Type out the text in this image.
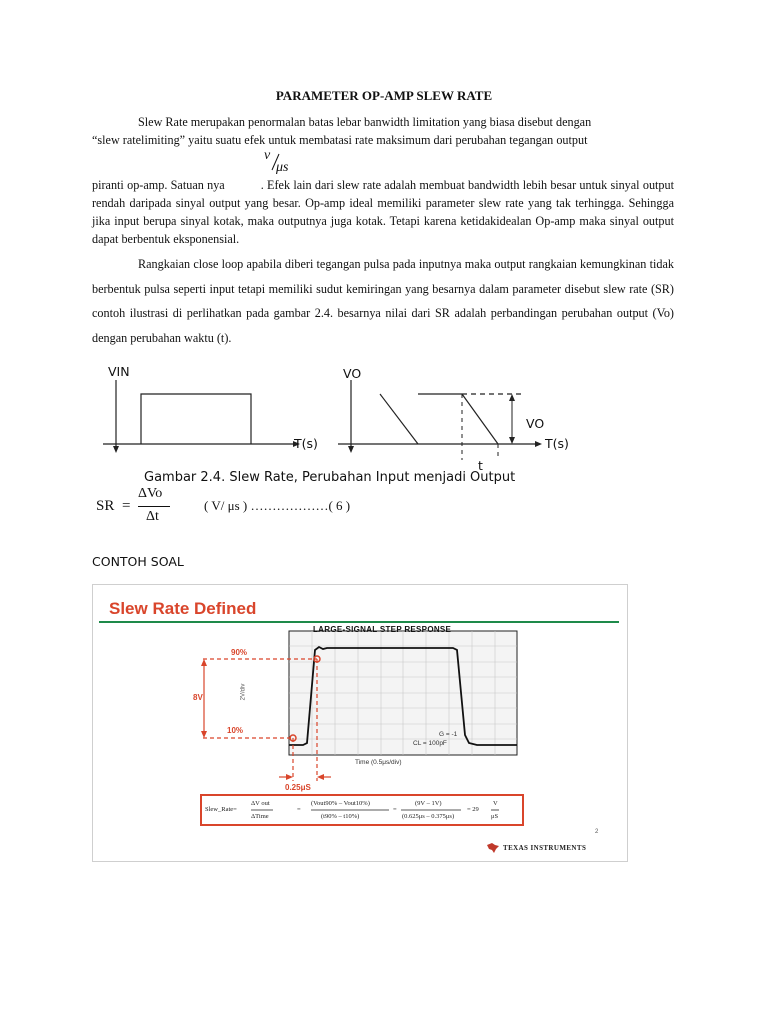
PARAMETER OP-AMP SLEW RATE
Slew Rate merupakan penormalan batas lebar banwidth limitation yang biasa disebut dengan
“slew ratelimiting” yaitu suatu efek untuk membatasi rate maksimum dari perubahan tegangan output
v
μs
piranti op-amp. Satuan nya	. Efek lain dari slew rate adalah membuat bandwidth lebih besar untuk sinyal output rendah daripada sinyal output yang besar. Op-amp ideal memiliki parameter slew rate yang tak terhingga. Sehingga jika input berupa sinyal kotak, maka outputnya juga kotak. Tetapi karena ketidakidealan Op-amp maka sinyal output dapat berbentuk eksponensial.
Rangkaian close loop apabila diberi tegangan pulsa pada inputnya maka output rangkaian kemungkinan tidak berbentuk pulsa seperti input tetapi memiliki sudut kemiringan yang besarnya dalam parameter disebut slew rate (SR) contoh ilustrasi di perlihatkan pada gambar 2.4. besarnya nilai dari SR adalah perbandingan perubahan output (Vo) dengan perubahan waktu (t).
VIN
T(s)
VO
VO
T(s)
t
Gambar 2.4. Slew Rate, Perubahan Input menjadi Output
SR =
ΔVo
Δt
( V/ μs ) ………………( 6 )
CONTOH SOAL
Slew Rate Defined
LARGE-SIGNAL STEP RESPONSE
90%
8V
10%
2V/div
G = -1
CL = 100pF
Time (0.5μs/div)
0.25μS
Slew_Rate=
ΔV out
ΔTime
=
(Vout90% – Vout10%)
(t90% – t10%)
=
(9V – 1V)
(0.625μs – 0.375μs)
= 29
V
μS
2
TEXAS INSTRUMENTS
